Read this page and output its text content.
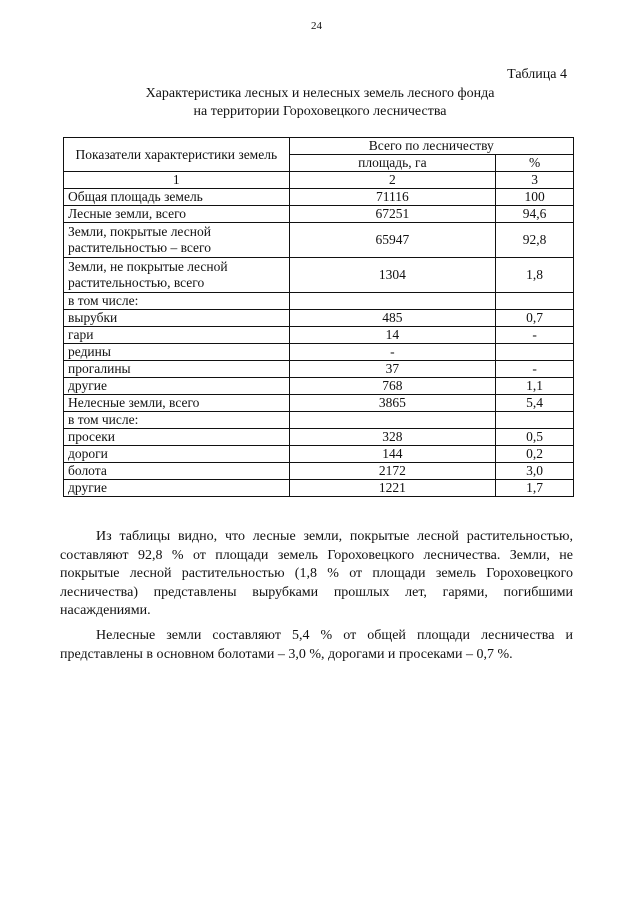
24
Таблица 4
Характеристика лесных и нелесных земель лесного фонда
на территории Гороховецкого лесничества
Показатели характеристики земель	Всего по лесничеству	
	площадь, га	%
1	2	3
Общая площадь земель	71116	100
Лесные земли, всего	67251	94,6
Земли, покрытые лесной растительностью – всего	65947	92,8
Земли, не покрытые лесной растительностью, всего	1304	1,8
в том числе:		
вырубки	485	0,7
гари	14	-
редины	-	
прогалины	37	-
другие	768	1,1
Нелесные земли, всего	3865	5,4
в том числе:		
просеки	328	0,5
дороги	144	0,2
болота	2172	3,0
другие	1221	1,7

Из таблицы видно, что лесные земли, покрытые лесной растительностью, составляют 92,8 % от площади земель Гороховецкого лесничества. Земли, не покрытые лесной растительностью (1,8 % от площади земель Гороховецкого лесничества) представлены вырубками прошлых лет, гарями, погибшими насаждениями.

Нелесные земли составляют 5,4 % от общей площади лесничества и представлены в основном болотами – 3,0 %, дорогами и просеками – 0,7 %.
